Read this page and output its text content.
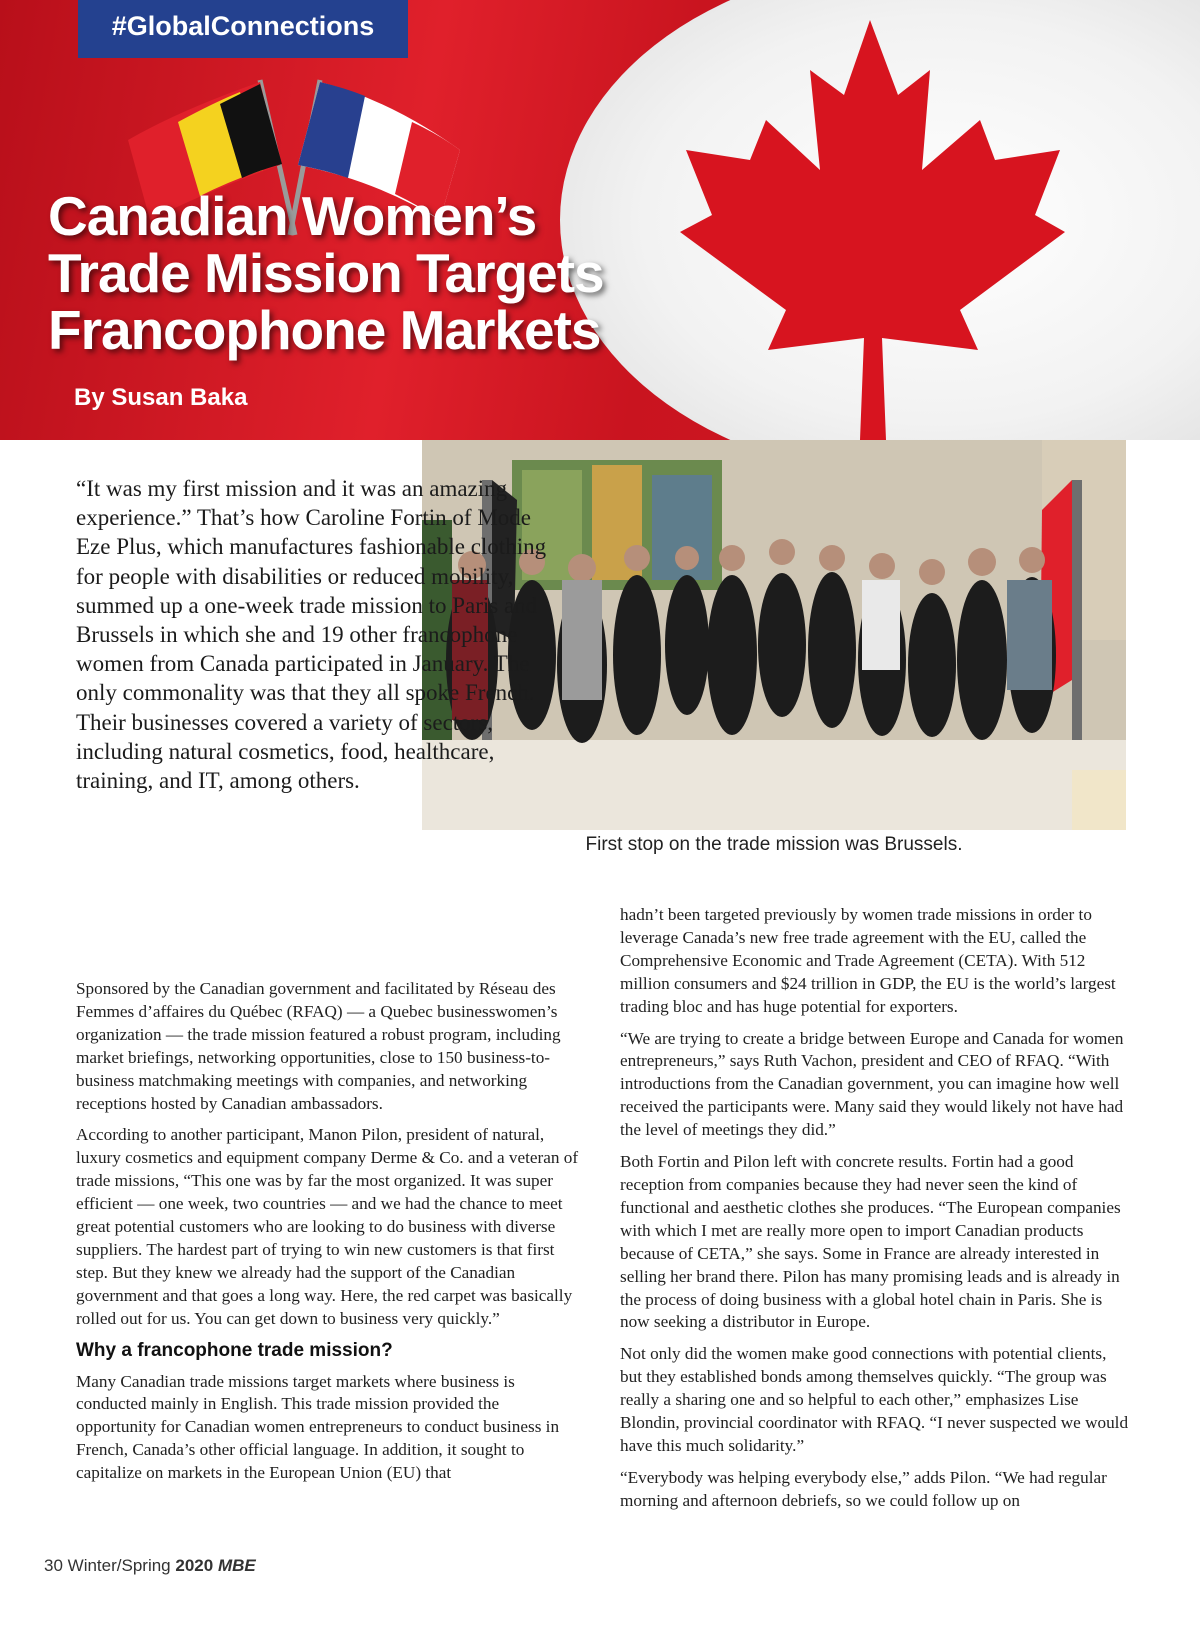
#GlobalConnections
Canadian Women’s
Trade Mission Targets
Francophone Markets
By Susan Baka
First stop on the trade mission was Brussels.

“It was my first mission and it was an amazing experience.” That’s how Caroline Fortin of Mode Eze Plus, which manufactures fashionable clothing for people with disabilities or reduced mobility, summed up a one-week trade mission to Paris and Brussels in which she and 19 other francophone women from Canada participated in January. The only commonality was that they all spoke French. Their businesses covered a variety of sectors, including natural cosmetics, food, healthcare, training, and IT, among others.

Sponsored by the Canadian government and facilitated by Réseau des Femmes d’affaires du Québec (RFAQ) — a Quebec businesswomen’s organization — the trade mission featured a robust program, including market briefings, networking opportunities, close to 150 business-to-business matchmaking meetings with companies, and networking receptions hosted by Canadian ambassadors.

According to another participant, Manon Pilon, president of natural, luxury cosmetics and equipment company Derme & Co. and a veteran of trade missions, “This one was by far the most organized. It was super efficient — one week, two countries — and we had the chance to meet great potential customers who are looking to do business with diverse suppliers. The hardest part of trying to win new customers is that first step. But they knew we already had the support of the Canadian government and that goes a long way. Here, the red carpet was basically rolled out for us. You can get down to business very quickly.”

Why a francophone trade mission?

Many Canadian trade missions target markets where business is conducted mainly in English. This trade mission provided the opportunity for Canadian women entrepreneurs to conduct business in French, Canada’s other official language. In addition, it sought to capitalize on markets in the European Union (EU) that

hadn’t been targeted previously by women trade missions in order to leverage Canada’s new free trade agreement with the EU, called the Comprehensive Economic and Trade Agreement (CETA). With 512 million consumers and $24 trillion in GDP, the EU is the world’s largest trading bloc and has huge potential for exporters.

“We are trying to create a bridge between Europe and Canada for women entrepreneurs,” says Ruth Vachon, president and CEO of RFAQ. “With introductions from the Canadian government, you can imagine how well received the participants were. Many said they would likely not have had the level of meetings they did.”

Both Fortin and Pilon left with concrete results. Fortin had a good reception from companies because they had never seen the kind of functional and aesthetic clothes she produces. “The European companies with which I met are really more open to import Canadian products because of CETA,” she says. Some in France are already interested in selling her brand there. Pilon has many promising leads and is already in the process of doing business with a global hotel chain in Paris. She is now seeking a distributor in Europe.

Not only did the women make good connections with potential clients, but they established bonds among themselves quickly. “The group was really a sharing one and so helpful to each other,” emphasizes Lise Blondin, provincial coordinator with RFAQ. “I never suspected we would have this much solidarity.”

“Everybody was helping everybody else,” adds Pilon. “We had regular morning and afternoon debriefs, so we could follow up on

30 Winter/Spring 2020 MBE
